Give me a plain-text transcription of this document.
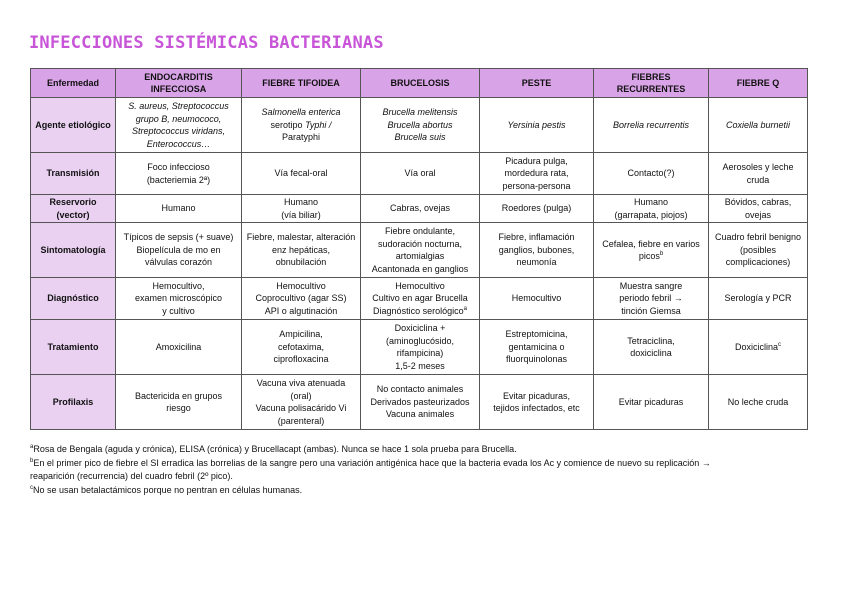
INFECCIONES SISTÉMICAS BACTERIANAS
Enfermedad	ENDOCARDITIS INFECCIOSA	FIEBRE TIFOIDEA	BRUCELOSIS	PESTE	FIEBRES RECURRENTES	FIEBRE Q
Agente etiológico	S. aureus, Streptococcus grupo B, neumococo, Streptococcus viridans, Enterococcus…	Salmonella enterica
serotipo Typhi /
Paratyphi	Brucella melitensis
Brucella abortus
Brucella suis	Yersinia pestis	Borrelia recurrentis	Coxiella burnetii
Transmisión	Foco infeccioso
(bacteriemia 2ª)	Vía fecal-oral	Vía oral	Picadura pulga,
mordedura rata,
persona-persona	Contacto(?)	Aerosoles y leche
cruda

Reservorio (vector)	Humano	Humano
(vía biliar)	Cabras, ovejas	Roedores (pulga)	Humano
(garrapata, piojos)	Bóvidos, cabras,
ovejas

Sintomatología	Típicos de sepsis (+ suave)
Biopelícula de mo en válvulas corazón	Fiebre, malestar, alteración enz hepáticas, obnubilación	Fiebre ondulante, sudoración nocturna, artomialgias
Acantonada en ganglios	Fiebre, inflamación ganglios, bubones, neumonía	Cefalea, fiebre en varios picos$^b$	Cuadro febril benigno (posibles complicaciones)
Diagnóstico	Hemocultivo,
examen microscópico
y cultivo	Hemocultivo
Coprocultivo (agar SS)
API o algutinación	Hemocultivo
Cultivo en agar Brucella
Diagnóstico serológico$^a$	Hemocultivo	Muestra sangre
periodo febril →
tinción Giemsa	Serología y PCR
Tratamiento	Amoxicilina	Ampicilina,
cefotaxima,
ciprofloxacina	Doxiciclina +
(aminoglucósido,
rifampicina)
1,5-2 meses	Estreptomicina,
gentamicina o
fluorquinolonas	Tetraciclina,
doxiciclina	Doxiciclina$^c$
Profilaxis	Bactericida en grupos
riesgo	Vacuna viva atenuada
(oral)
Vacuna polisacárido Vi
(parenteral)	No contacto animales
Derivados pasteurizados
Vacuna animales	Evitar picaduras,
tejidos infectados, etc	Evitar picaduras	No leche cruda
$^a$Rosa de Bengala (aguda y crónica), ELISA (crónica) y Brucellacapt (ambas). Nunca se hace 1 sola prueba para Brucella.
$^b$En el primer pico de fiebre el SI erradica las borrelias de la sangre pero una variación antigénica hace que la bacteria evada los Ac y comience de nuevo su replicación →
reaparición (recurrencia) del cuadro febril (2º pico).
$^c$No se usan betalactámicos porque no pentran en células humanas.
